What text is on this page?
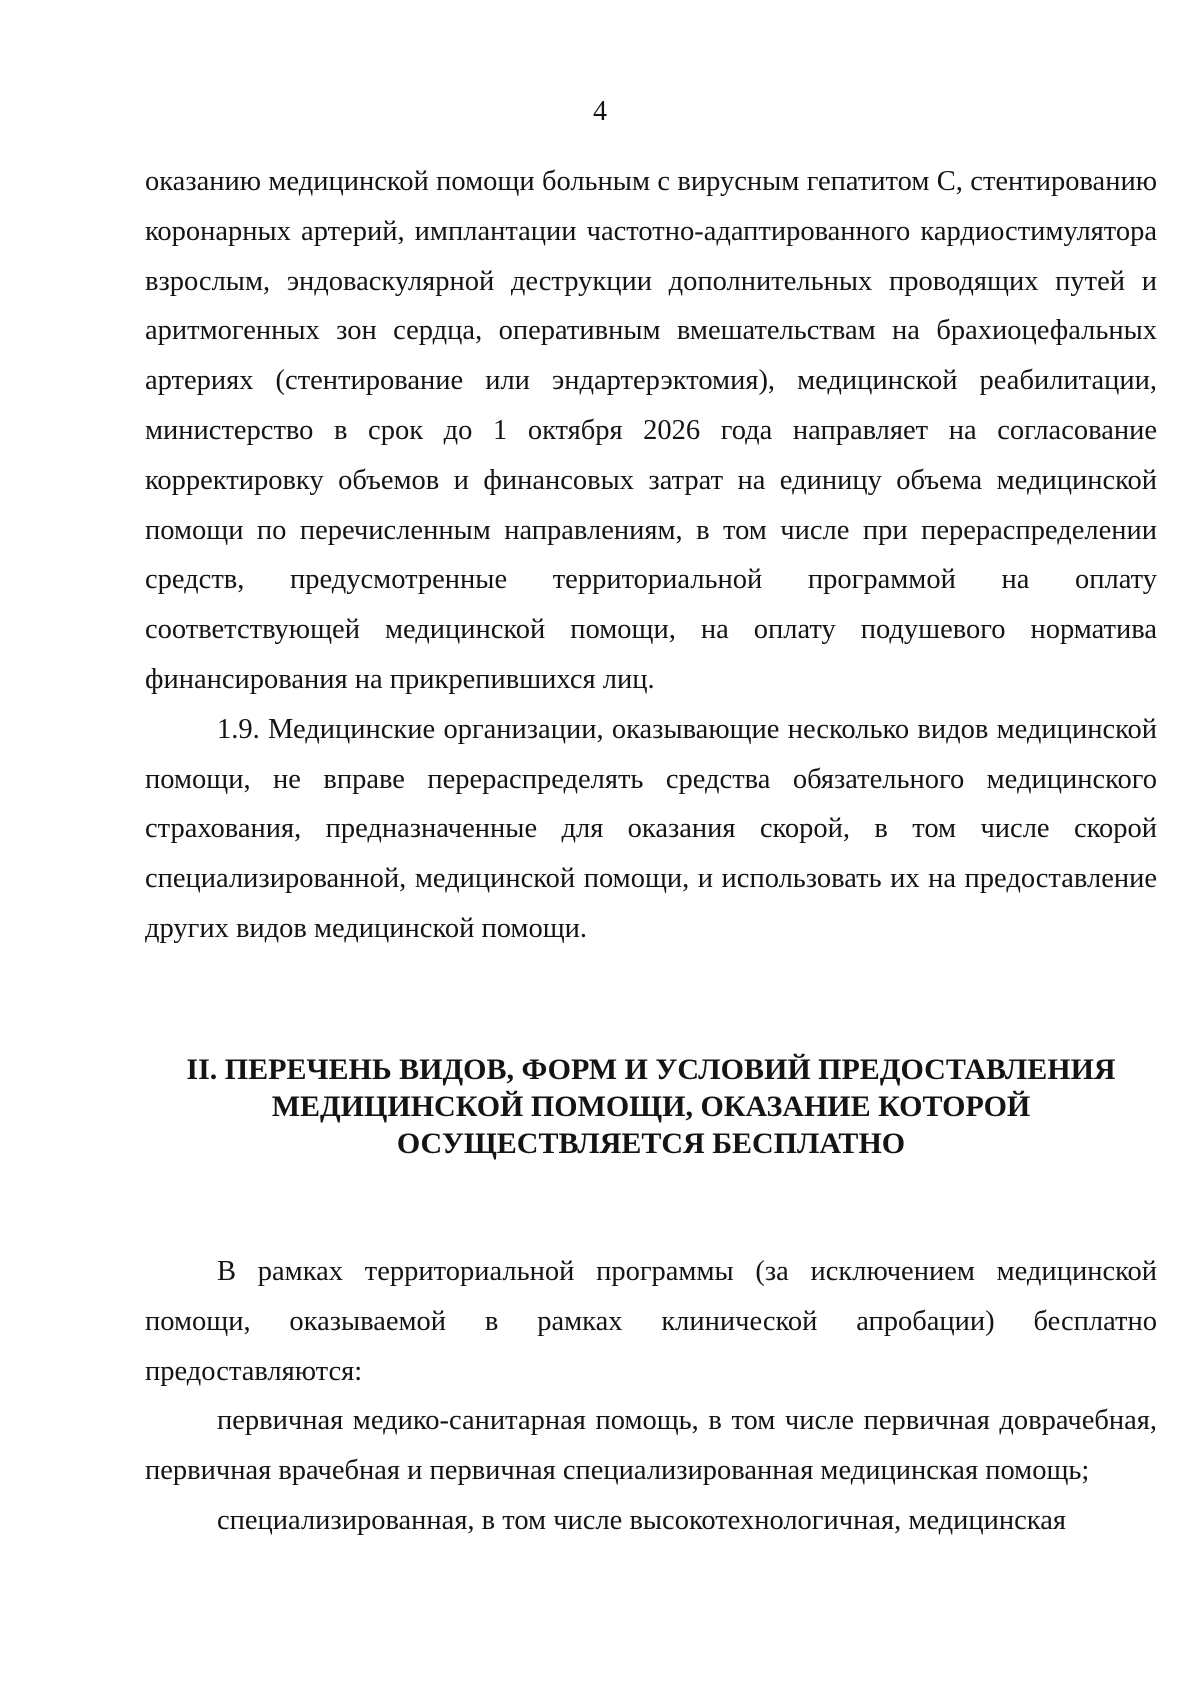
4

оказанию медицинской помощи больным с вирусным гепатитом С, стентированию коронарных артерий, имплантации частотно-адаптированного кардиостимулятора взрослым, эндоваскулярной деструкции дополнительных проводящих путей и аритмогенных зон сердца, оперативным вмешательствам на брахиоцефальных артериях (стентирование или эндартерэктомия), медицинской реабилитации, министерство в срок до 1 октября 2026 года направляет на согласование корректировку объемов и финансовых затрат на единицу объема медицинской помощи по перечисленным направлениям, в том числе при перераспределении средств, предусмотренные территориальной программой на оплату соответствующей медицинской помощи, на оплату подушевого норматива финансирования на прикрепившихся лиц.

1.9. Медицинские организации, оказывающие несколько видов медицинской помощи, не вправе перераспределять средства обязательного медицинского страхования, предназначенные для оказания скорой, в том числе скорой специализированной, медицинской помощи, и использовать их на предоставление других видов медицинской помощи.

II. ПЕРЕЧЕНЬ ВИДОВ, ФОРМ И УСЛОВИЙ ПРЕДОСТАВЛЕНИЯ
МЕДИЦИНСКОЙ ПОМОЩИ, ОКАЗАНИЕ КОТОРОЙ
ОСУЩЕСТВЛЯЕТСЯ БЕСПЛАТНО

В рамках территориальной программы (за исключением медицинской помощи, оказываемой в рамках клинической апробации) бесплатно предоставляются:

первичная медико-санитарная помощь, в том числе первичная доврачебная, первичная врачебная и первичная специализированная медицинская помощь;

специализированная, в том числе высокотехнологичная, медицинская
